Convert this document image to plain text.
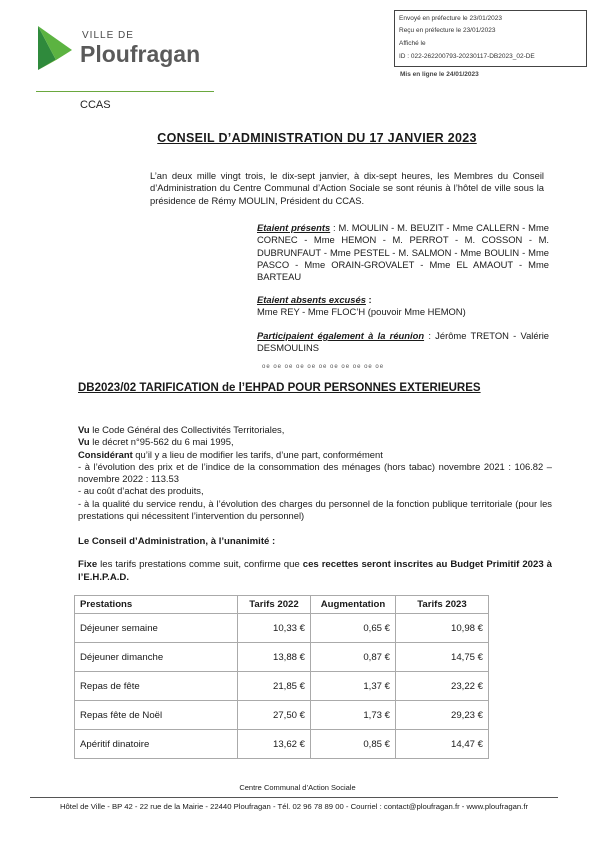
VILLE DE
Ploufragan
CCAS
Envoyé en préfecture le 23/01/2023
Reçu en préfecture le 23/01/2023
Affiché le
ID : 022-262200793-20230117-DB2023_02-DE
Mis en ligne le 24/01/2023
CONSEIL D’ADMINISTRATION DU 17 JANVIER 2023
L’an deux mille vingt trois, le dix-sept janvier, à dix-sept heures, les Membres du Conseil d’Administration du Centre Communal d’Action Sociale se sont réunis à l’hôtel de ville sous la présidence de Rémy MOULIN, Président du CCAS.
Etaient présents : M. MOULIN - M. BEUZIT - Mme CALLERN - Mme CORNEC - Mme HEMON - M. PERROT - M. COSSON - M. DUBRUNFAUT - Mme PESTEL - M. SALMON - Mme BOULIN - Mme PASCO - Mme ORAIN-GROVALET - Mme EL AMAOUT - Mme BARTEAU
Etaient absents excusés :
Mme REY - Mme FLOC’H (pouvoir Mme HEMON)
Participaient également à la réunion : Jérôme TRETON - Valérie DESMOULINS
oe oe oe oe oe oe oe oe oe oe oe
DB2023/02 TARIFICATION de l’EHPAD POUR PERSONNES EXTERIEURES
Vu le Code Général des Collectivités Territoriales,
Vu le décret n°95-562 du 6 mai 1995,
Considérant qu’il y a lieu de modifier les tarifs, d’une part, conformément
- à l’évolution des prix et de l’indice de la consommation des ménages (hors tabac) novembre 2021 : 106.82 – novembre 2022 : 113.53
- au coût d’achat des produits,
- à la qualité du service rendu, à l’évolution des charges du personnel de la fonction publique territoriale (pour les prestations qui nécessitent l’intervention du personnel)
Le Conseil d’Administration, à l’unanimité :
Fixe les tarifs prestations comme suit, confirme que ces recettes seront inscrites au Budget Primitif 2023 à l’E.H.P.A.D.
Prestations	Tarifs 2022	Augmentation	Tarifs 2023
Déjeuner semaine	10,33 €	0,65 €	10,98 €
Déjeuner dimanche	13,88 €	0,87 €	14,75 €
Repas de fête	21,85 €	1,37 €	23,22 €
Repas fête de Noël	27,50 €	1,73 €	29,23 €
Apéritif dinatoire	13,62 €	0,85 €	14,47 €
Centre Communal d’Action Sociale
Hôtel de Ville - BP 42 - 22 rue de la Mairie - 22440 Ploufragan - Tél. 02 96 78 89 00 - Courriel : contact@ploufragan.fr - www.ploufragan.fr
